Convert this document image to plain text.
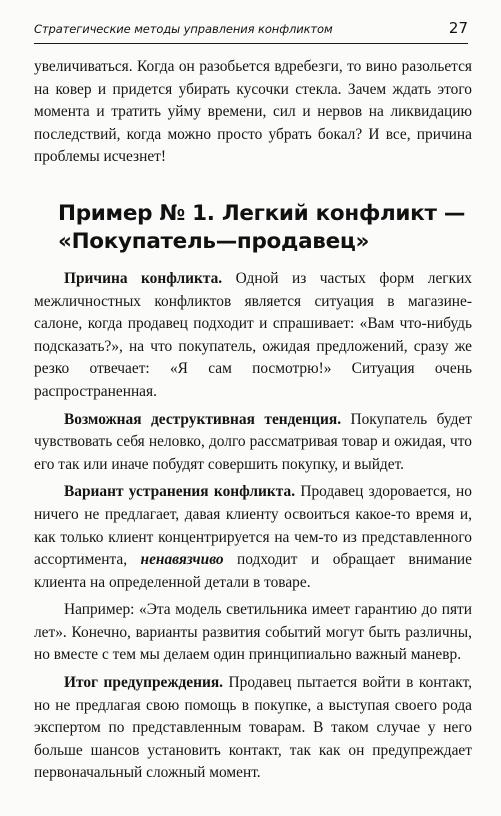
Стратегические методы управления конфликтом	27

увеличиваться. Когда он разобьется вдребезги, то вино разольется на ковер и придется убирать кусочки стекла. Зачем ждать этого момента и тратить уйму времени, сил и нервов на ликвидацию последствий, когда можно просто убрать бокал? И все, причина проблемы исчезнет!

Пример № 1. Легкий конфликт —
«Покупатель—продавец»

Причина конфликта. Одной из частых форм легких межличностных конфликтов является ситуация в магазине-салоне, когда продавец подходит и спрашивает: «Вам что-нибудь подсказать?», на что покупатель, ожидая предложений, сразу же резко отвечает: «Я сам посмотрю!» Ситуация очень распространенная.

Возможная деструктивная тенденция. Покупатель будет чувствовать себя неловко, долго рассматривая товар и ожидая, что его так или иначе побудят совершить покупку, и выйдет.

Вариант устранения конфликта. Продавец здоровается, но ничего не предлагает, давая клиенту освоиться какое-то время и, как только клиент концентрируется на чем-то из представленного ассортимента, ненавязчиво подходит и обращает внимание клиента на определенной детали в товаре.

Например: «Эта модель светильника имеет гарантию до пяти лет». Конечно, варианты развития событий могут быть различны, но вместе с тем мы делаем один принципиально важный маневр.

Итог предупреждения. Продавец пытается войти в контакт, но не предлагая свою помощь в покупке, а выступая своего рода экспертом по представленным товарам. В таком случае у него больше шансов установить контакт, так как он предупреждает первоначальный сложный момент.
